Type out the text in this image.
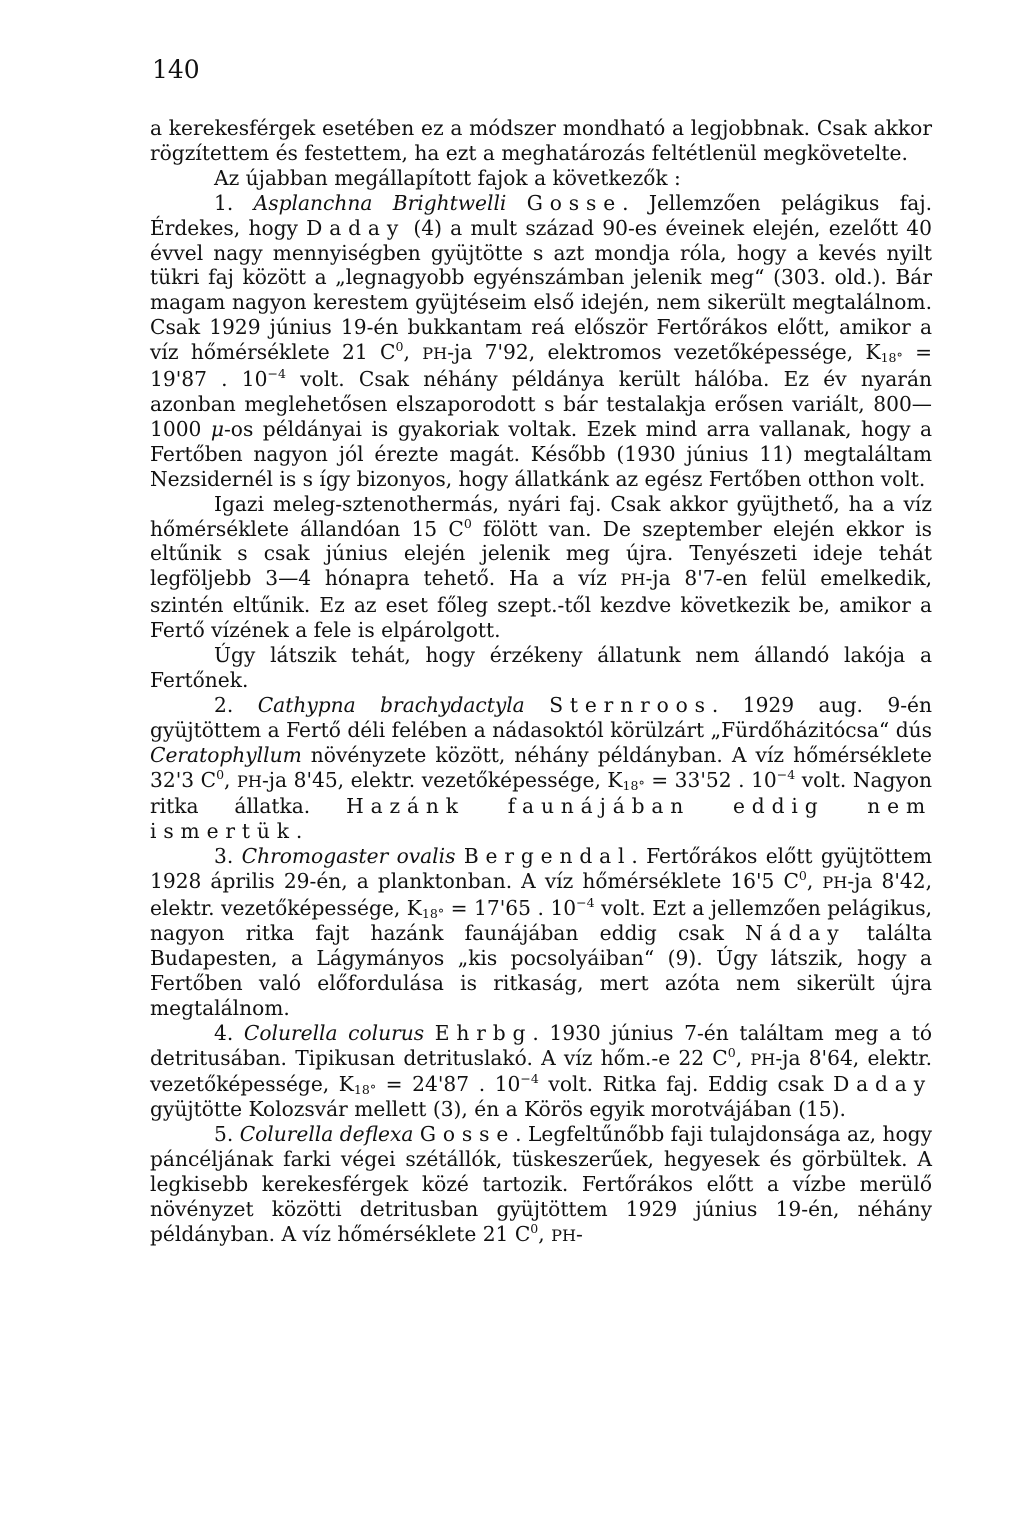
140

a kerekesférgek esetében ez a módszer mondható a legjobbnak. Csak akkor rögzítettem és festettem, ha ezt a meghatározás feltétlenül megkövetelte.

Az újabban megállapított fajok a következők :

1. Asplanchna Brightwelli Gosse. Jellemzően pelágikus faj. Érdekes, hogy Daday (4) a mult század 90-es éveinek elején, ezelőtt 40 évvel nagy mennyiségben gyüjtötte s azt mondja róla, hogy a kevés nyilt tükri faj között a „legnagyobb egyénszámban jelenik meg“ (303. old.). Bár magam nagyon kerestem gyüjtéseim első idején, nem sikerült megtalálnom. Csak 1929 június 19-én bukkantam reá először Fertőrákos előtt, amikor a víz hőmérséklete 21 $C^0$, PH-ja 7'92, elektromos vezetőképessége, $K_{18^\circ} = 19'87$ . $10^{-4}$ volt. Csak néhány példánya került hálóba. Ez év nyarán azonban meglehetősen elszaporodott s bár testalakja erősen variált, 800—1000 μ-os példányai is gyakoriak voltak. Ezek mind arra vallanak, hogy a Fertőben nagyon jól érezte magát. Később (1930 június 11) megtaláltam Nezsidernél is s így bizonyos, hogy állatkánk az egész Fertőben otthon volt.

Igazi meleg-sztenothermás, nyári faj. Csak akkor gyüjthető, ha a víz hőmérséklete állandóan 15 $C^0$ fölött van. De szeptember elején ekkor is eltűnik s csak június elején jelenik meg újra. Tenyészeti ideje tehát legföljebb 3—4 hónapra tehető. Ha a víz PH-ja 8'7-en felül emelkedik, szintén eltűnik. Ez az eset főleg szept.-től kezdve következik be, amikor a Fertő vízének a fele is elpárolgott.

Úgy látszik tehát, hogy érzékeny állatunk nem állandó lakója a Fertőnek.

2. Cathypna brachydactyla Sternroos. 1929 aug. 9-én gyüjtöttem a Fertő déli felében a nádasoktól körülzárt „Fürdőházitócsa“ dús Ceratophyllum növényzete között, néhány példányban. A víz hőmérséklete 32'3 $C^0$, PH-ja 8'45, elektr. vezetőképessége, $K_{18^\circ} = 33'52$ . $10^{-4}$ volt. Nagyon ritka állatka. Hazánk faunájában eddig nem ismertük.

3. Chromogaster ovalis Bergendal. Fertőrákos előtt gyüjtöttem 1928 április 29-én, a planktonban. A víz hőmérséklete 16'5 $C^0$, PH-ja 8'42, elektr. vezetőképessége, $K_{18^\circ} = 17'65$ . $10^{-4}$ volt. Ezt a jellemzően pelágikus, nagyon ritka fajt hazánk faunájában eddig csak Náday találta Budapesten, a Lágymányos „kis pocsolyáiban“ (9). Úgy látszik, hogy a Fertőben való előfordulása is ritkaság, mert azóta nem sikerült újra megtalálnom.

4. Colurella colurus Ehrbg. 1930 június 7-én találtam meg a tó detritusában. Tipikusan detrituslakó. A víz hőm.-e 22 $C^0$, PH-ja 8'64, elektr. vezetőképessége, $K_{18^\circ} = 24'87$ . $10^{-4}$ volt. Ritka faj. Eddig csak Daday gyüjtötte Kolozsvár mellett (3), én a Körös egyik morotvájában (15).

5. Colurella deflexa Gosse. Legfeltűnőbb faji tulajdonsága az, hogy páncéljának farki végei szétállók, tüskeszerűek, hegyesek és görbültek. A legkisebb kerekesférgek közé tartozik. Fertőrákos előtt a vízbe merülő növényzet közötti detritusban gyüjtöttem 1929 június 19-én, néhány példányban. A víz hőmérséklete 21 $C^0$, PH-
